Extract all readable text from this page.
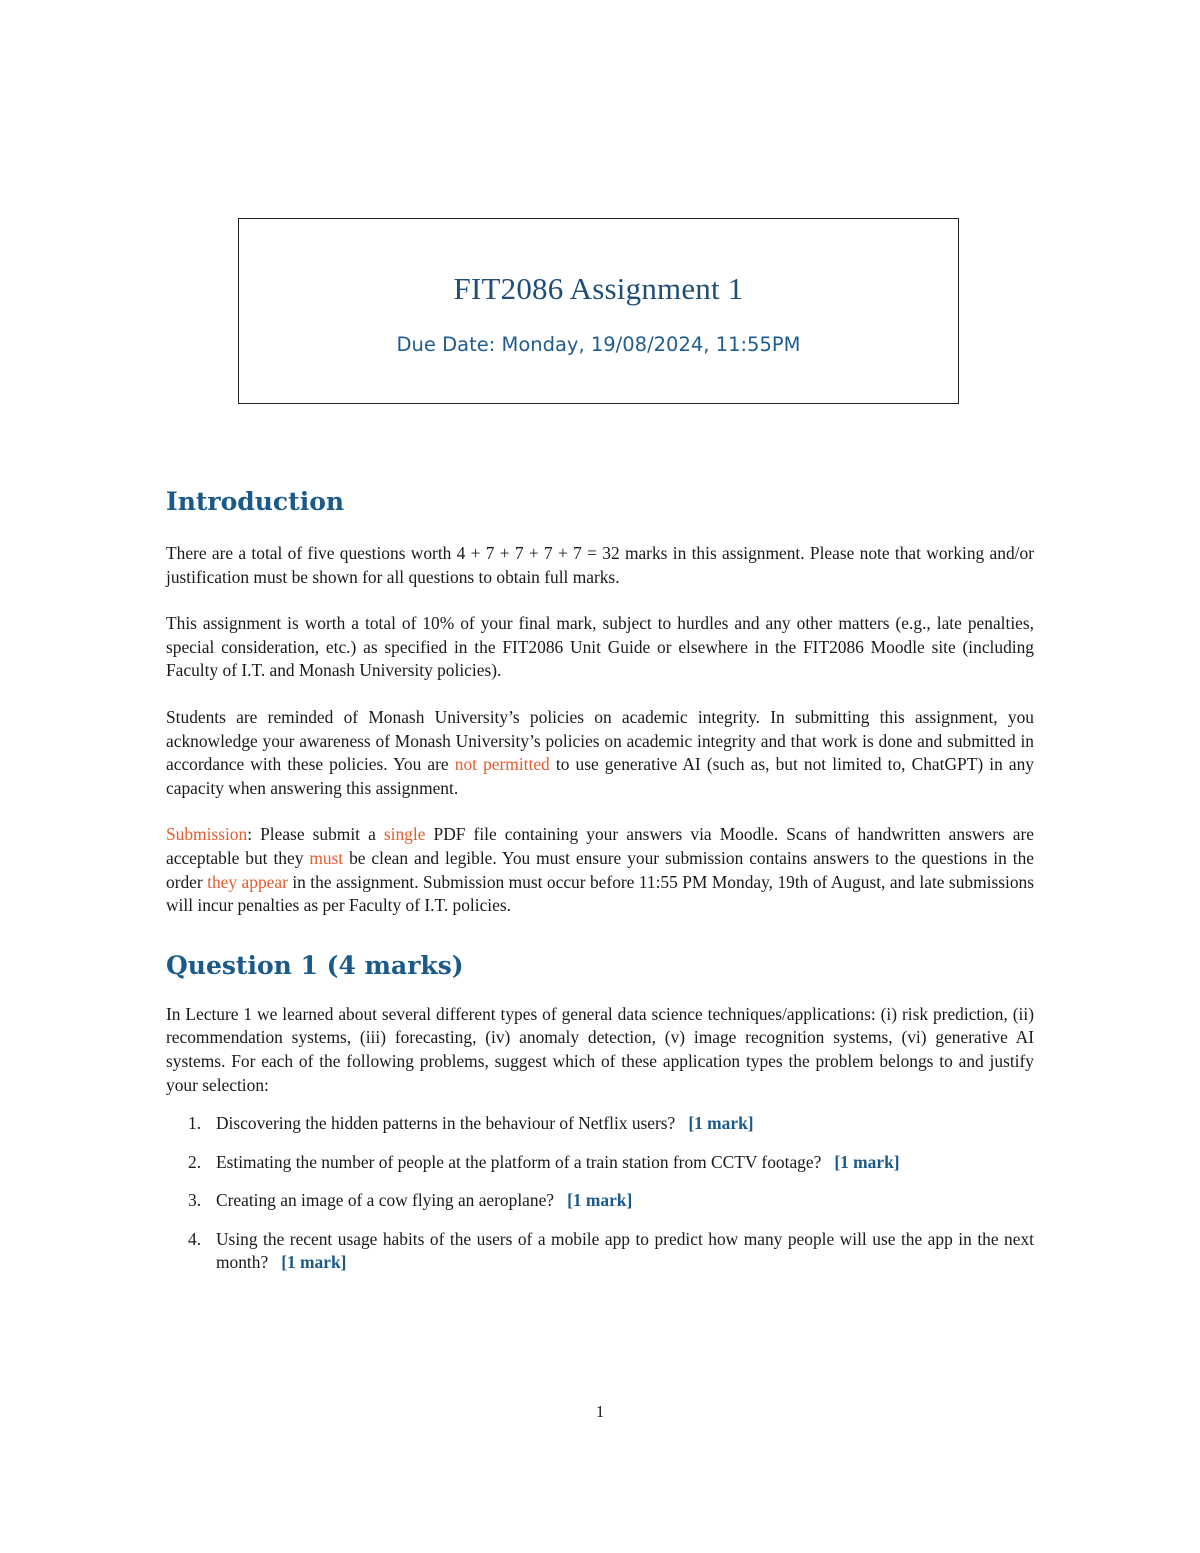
FIT2086 Assignment 1
Due Date: Monday, 19/08/2024, 11:55PM
Introduction

There are a total of five questions worth 4 + 7 + 7 + 7 + 7 = 32 marks in this assignment. Please note that working and/or justification must be shown for all questions to obtain full marks.

This assignment is worth a total of 10% of your final mark, subject to hurdles and any other matters (e.g., late penalties, special consideration, etc.) as specified in the FIT2086 Unit Guide or elsewhere in the FIT2086 Moodle site (including Faculty of I.T. and Monash University policies).

Students are reminded of Monash University’s policies on academic integrity. In submitting this assignment, you acknowledge your awareness of Monash University’s policies on academic integrity and that work is done and submitted in accordance with these policies. You are not permitted to use generative AI (such as, but not limited to, ChatGPT) in any capacity when answering this assignment.

Submission: Please submit a single PDF file containing your answers via Moodle. Scans of handwritten answers are acceptable but they must be clean and legible. You must ensure your submission contains answers to the questions in the order they appear in the assignment. Submission must occur before 11:55 PM Monday, 19th of August, and late submissions will incur penalties as per Faculty of I.T. policies.

Question 1 (4 marks)

In Lecture 1 we learned about several different types of general data science techniques/applications: (i) risk prediction, (ii) recommendation systems, (iii) forecasting, (iv) anomaly detection, (v) image recognition systems, (vi) generative AI systems. For each of the following problems, suggest which of these application types the problem belongs to and justify your selection:

1. Discovering the hidden patterns in the behaviour of Netflix users? [1 mark]
2. Estimating the number of people at the platform of a train station from CCTV footage? [1 mark]
3. Creating an image of a cow flying an aeroplane? [1 mark]
4. Using the recent usage habits of the users of a mobile app to predict how many people will use the app in the next month? [1 mark]
1
